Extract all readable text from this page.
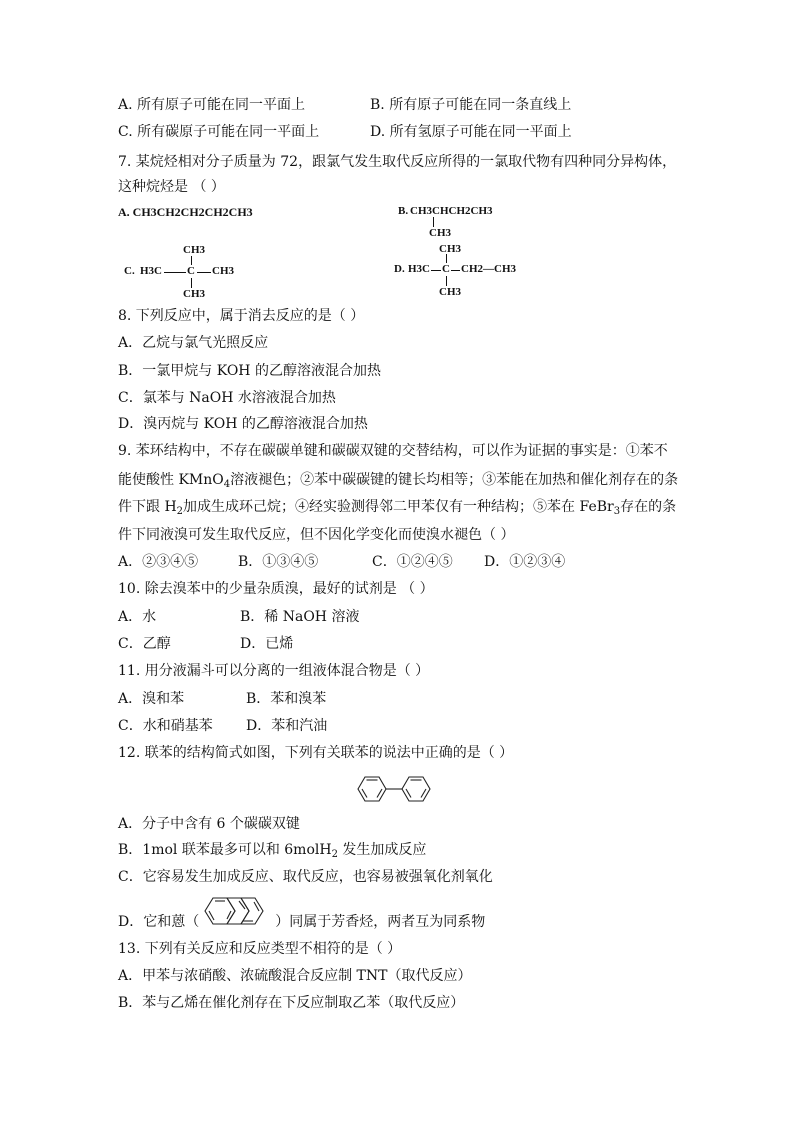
A. 所有原子可能在同一平面上	B. 所有原子可能在同一条直线上
C. 所有碳原子可能在同一平面上	D. 所有氢原子可能在同一平面上
7. 某烷烃相对分子质量为 72，跟氯气发生取代反应所得的一氯取代物有四种同分异构体，
这种烷烃是 （ ）
A. CH3CH2CH2CH2CH3	B. CH3CHCH2CH3
CH3
C. H3C C CH3
CH3
CH3
D. H3C C CH2—CH3
CH3
CH3
8. 下列反应中，属于消去反应的是（ ）
A．乙烷与氯气光照反应
B．一氯甲烷与 KOH 的乙醇溶液混合加热
C．氯苯与 NaOH 水溶液混合加热
D．溴丙烷与 KOH 的乙醇溶液混合加热
9. 苯环结构中，不存在碳碳单键和碳碳双键的交替结构，可以作为证据的事实是：①苯不
能使酸性 KMnO$_4$溶液褪色；②苯中碳碳键的键长均相等；③苯能在加热和催化剂存在的条
件下跟 $H_2$加成生成环己烷；④经实验测得邻二甲苯仅有一种结构；⑤苯在 FeBr$_3$存在的条
件下同液溴可发生取代反应，但不因化学变化而使溴水褪色（ ）
A．②③④⑤	B．①③④⑤	C．①②④⑤ D．①②③④
10. 除去溴苯中的少量杂质溴，最好的试剂是 （ ）
A．水	B．稀 NaOH 溶液
C．乙醇	D．已烯
11. 用分液漏斗可以分离的一组液体混合物是（ ）
A．溴和苯	B．苯和溴苯
C．水和硝基苯 D．苯和汽油
12. 联苯的结构简式如图，下列有关联苯的说法中正确的是（ ）
A．分子中含有 6 个碳碳双键
B．1mol 联苯最多可以和 6molH$_2$ 发生加成反应
C．它容易发生加成反应、取代反应，也容易被强氧化剂氧化
D．它和蒽（	）同属于芳香烃，两者互为同系物
13. 下列有关反应和反应类型不相符的是（ ）
A．甲苯与浓硝酸、浓硫酸混合反应制 TNT（取代反应）
B．苯与乙烯在催化剂存在下反应制取乙苯（取代反应）
